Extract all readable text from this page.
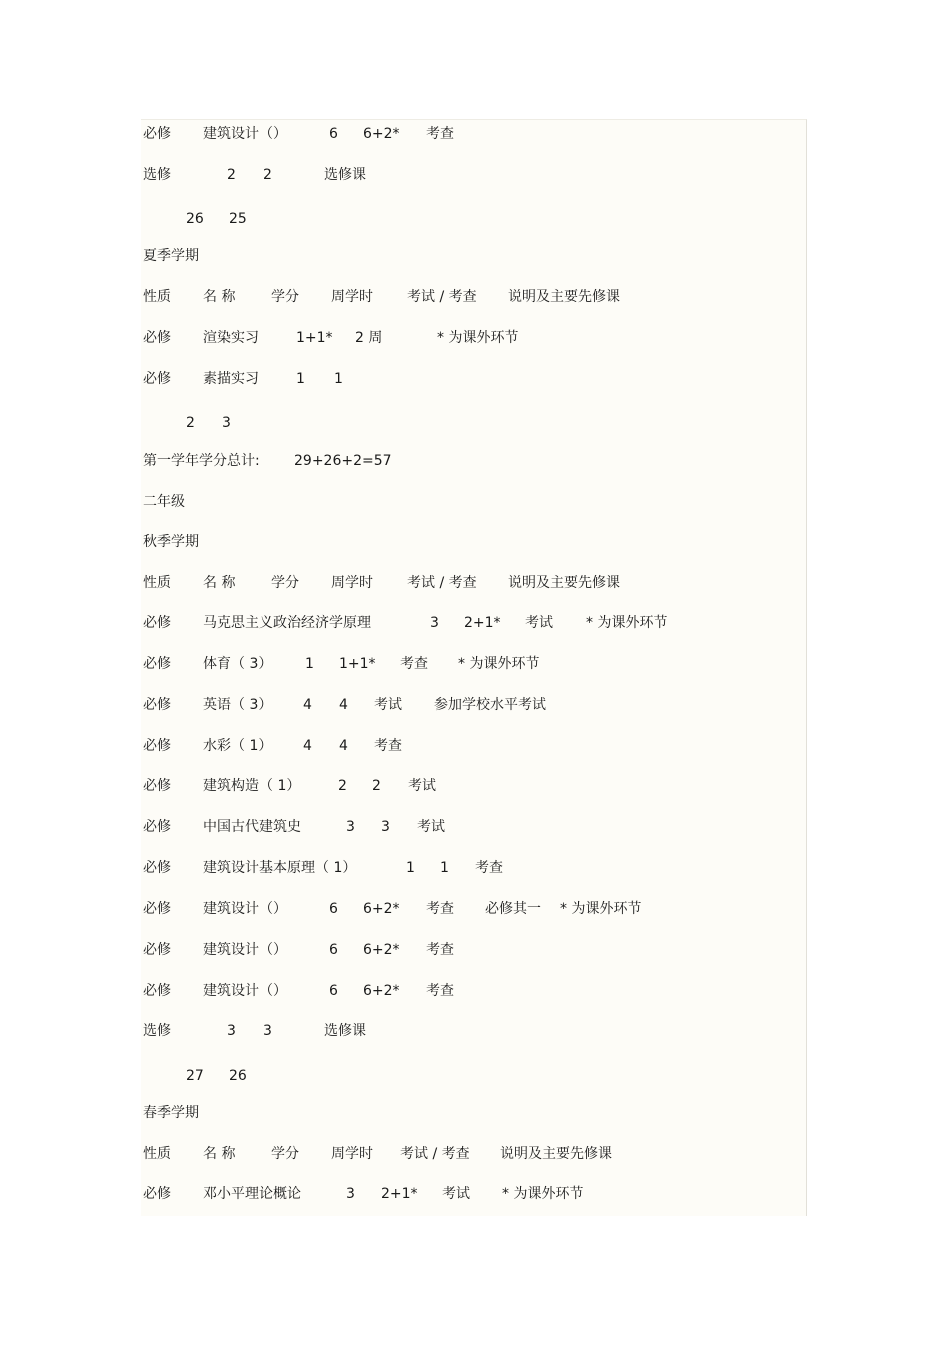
必修 建筑设计（）	6 6+2* 考查
选修	2 2	选修课
26 25
夏季学期
性质 名 称	学分 周学时 考试 / 考查 说明及主要先修课
必修 渲染实习	1+1* 2 周	* 为课外环节
必修 素描实习	1 1
2 3
第一学年学分总计: 29+26+2=57
二年级
秋季学期
性质 名 称	学分 周学时 考试 / 考查 说明及主要先修课
必修 马克思主义政治经济学原理	3 2+1* 考试 * 为课外环节
必修 体育（ 3） 1 1+1* 考查 * 为课外环节
必修 英语（ 3） 4 4 考试 参加学校水平考试
必修 水彩（ 1） 4 4 考查
必修 建筑构造（ 1）	2 2 考试
必修 中国古代建筑史	3 3 考试
必修 建筑设计基本原理（ 1）	1 1 考查
必修 建筑设计（）	6 6+2* 考查 必修其一 * 为课外环节
必修 建筑设计（）	6 6+2* 考查
必修 建筑设计（）	6 6+2* 考查
选修	3 3	选修课
27 26
春季学期
性质 名 称	学分 周学时 考试 / 考查 说明及主要先修课
必修 邓小平理论概论	3 2+1* 考试 * 为课外环节
